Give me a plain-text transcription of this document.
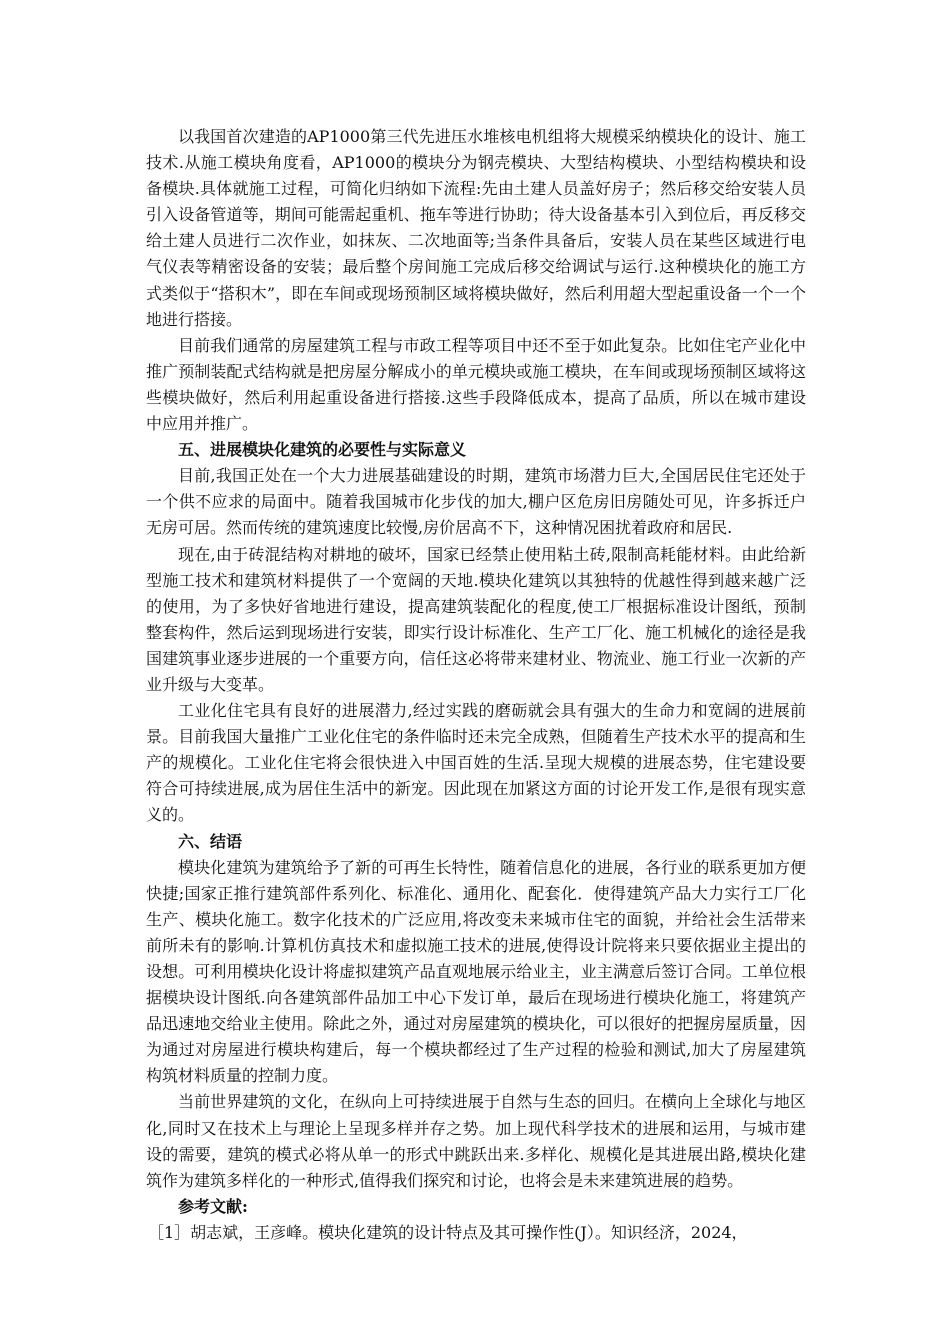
以我国首次建造的AP1000第三代先进压水堆核电机组将大规模采纳模块化的设计、施工技术.从施工模块角度看，AP1000的模块分为钢壳模块、大型结构模块、小型结构模块和设备模块.具体就施工过程，可简化归纳如下流程:先由土建人员盖好房子；然后移交给安装人员引入设备管道等，期间可能需起重机、拖车等进行协助；待大设备基本引入到位后，再反移交给土建人员进行二次作业，如抹灰、二次地面等;当条件具备后，安装人员在某些区域进行电气仪表等精密设备的安装；最后整个房间施工完成后移交给调试与运行.这种模块化的施工方式类似于“搭积木”，即在车间或现场预制区域将模块做好，然后利用超大型起重设备一个一个地进行搭接。

目前我们通常的房屋建筑工程与市政工程等项目中还不至于如此复杂。比如住宅产业化中推广预制装配式结构就是把房屋分解成小的单元模块或施工模块，在车间或现场预制区域将这些模块做好，然后利用起重设备进行搭接.这些手段降低成本，提高了品质，所以在城市建设中应用并推广。

五、进展模块化建筑的必要性与实际意义

目前,我国正处在一个大力进展基础建设的时期，建筑市场潜力巨大,全国居民住宅还处于一个供不应求的局面中。随着我国城市化步伐的加大,棚户区危房旧房随处可见，许多拆迁户无房可居。然而传统的建筑速度比较慢,房价居高不下，这种情况困扰着政府和居民.

现在,由于砖混结构对耕地的破坏，国家已经禁止使用粘土砖,限制高耗能材料。由此给新型施工技术和建筑材料提供了一个宽阔的天地.模块化建筑以其独特的优越性得到越来越广泛的使用，为了多快好省地进行建设，提高建筑装配化的程度,使工厂根据标准设计图纸，预制整套构件，然后运到现场进行安装，即实行设计标准化、生产工厂化、施工机械化的途径是我国建筑事业逐步进展的一个重要方向，信任这必将带来建材业、物流业、施工行业一次新的产业升级与大变革。

工业化住宅具有良好的进展潜力,经过实践的磨砺就会具有强大的生命力和宽阔的进展前景。目前我国大量推广工业化住宅的条件临时还未完全成熟，但随着生产技术水平的提高和生产的规模化。工业化住宅将会很快进入中国百姓的生活.呈现大规模的进展态势，住宅建设要符合可持续进展,成为居住生活中的新宠。因此现在加紧这方面的讨论开发工作,是很有现实意义的。

六、结语

模块化建筑为建筑给予了新的可再生长特性，随着信息化的进展，各行业的联系更加方便快捷;国家正推行建筑部件系列化、标准化、通用化、配套化．使得建筑产品大力实行工厂化生产、模块化施工。数字化技术的广泛应用,将改变未来城市住宅的面貌，并给社会生活带来前所未有的影响.计算机仿真技术和虚拟施工技术的进展,使得设计院将来只要依据业主提出的设想。可利用模块化设计将虚拟建筑产品直观地展示给业主，业主满意后签订合同。工单位根据模块设计图纸.向各建筑部件品加工中心下发订单，最后在现场进行模块化施工，将建筑产品迅速地交给业主使用。除此之外，通过对房屋建筑的模块化，可以很好的把握房屋质量，因为通过对房屋进行模块构建后，每一个模块都经过了生产过程的检验和测试,加大了房屋建筑构筑材料质量的控制力度。

当前世界建筑的文化，在纵向上可持续进展于自然与生态的回归。在横向上全球化与地区化,同时又在技术上与理论上呈现多样并存之势。加上现代科学技术的进展和运用，与城市建设的需要，建筑的模式必将从单一的形式中跳跃出来.多样化、规模化是其进展出路,模块化建筑作为建筑多样化的一种形式,值得我们探究和讨论，也将会是未来建筑进展的趋势。

参考文献:

［1］胡志斌，王彦峰。模块化建筑的设计特点及其可操作性(J）。知识经济，2024，
